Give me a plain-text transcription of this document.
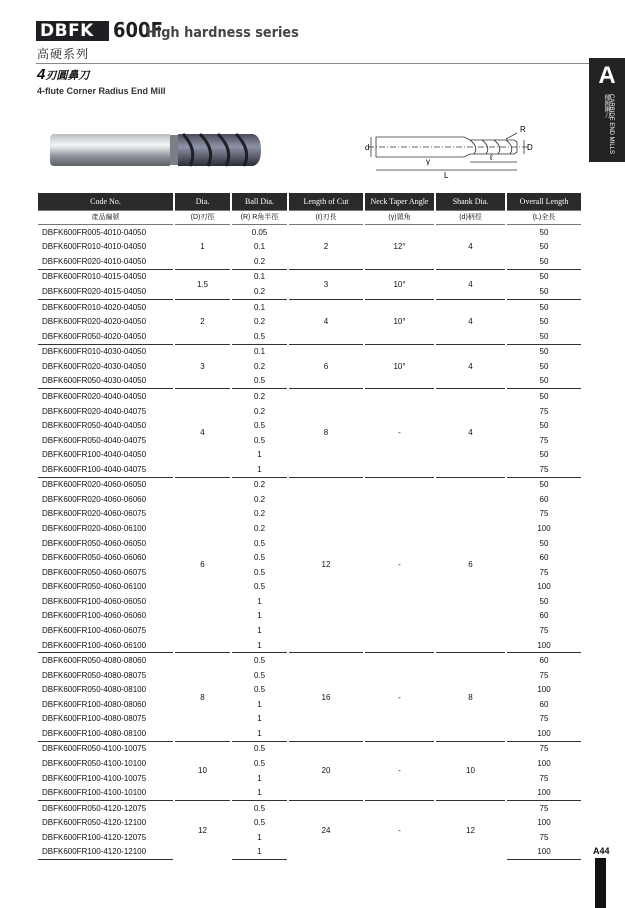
DBFK 600F
High hardness series
高硬系列
4刃圓鼻刀
4-flute Corner Radius End Mill
A
桶鎢鋼刀 CARBIDE END MILLS
d	D
R
γ	ℓ
L
Code No.	Dia.	Ball Dia.	Length of Cut	Neck Taper Angle	Shank Dia.	Overall Length
產品編號	(D)刃徑	(R) R角半徑	(ℓ)刃長	(γ)頸角	(d)柄徑	(L)全長
DBFK600FR005-4010-04050	1	0.05	2	12°	4	50
DBFK600FR010-4010-04050		0.1				50
DBFK600FR020-4010-04050		0.2				50
DBFK600FR010-4015-04050	1.5	0.1	3	10°	4	50
DBFK600FR020-4015-04050		0.2				50
DBFK600FR010-4020-04050	2	0.1	4	10°	4	50
DBFK600FR020-4020-04050		0.2				50
DBFK600FR050-4020-04050		0.5				50
DBFK600FR010-4030-04050	3	0.1	6	10°	4	50
DBFK600FR020-4030-04050		0.2				50
DBFK600FR050-4030-04050		0.5				50
DBFK600FR020-4040-04050	4	0.2	8	-	4	50
DBFK600FR020-4040-04075		0.2				75
DBFK600FR050-4040-04050		0.5				50
DBFK600FR050-4040-04075		0.5				75
DBFK600FR100-4040-04050		1				50
DBFK600FR100-4040-04075		1				75
DBFK600FR020-4060-06050	6	0.2	12	-	6	50
DBFK600FR020-4060-06060		0.2				60
DBFK600FR020-4060-06075		0.2				75
DBFK600FR020-4060-06100		0.2				100
DBFK600FR050-4060-06050		0.5				50
DBFK600FR050-4060-06060		0.5				60
DBFK600FR050-4060-06075		0.5				75
DBFK600FR050-4060-06100		0.5				100
DBFK600FR100-4060-06050		1				50
DBFK600FR100-4060-06060		1				60
DBFK600FR100-4060-06075		1				75
DBFK600FR100-4060-06100		1				100
DBFK600FR050-4080-08060	8	0.5	16	-	8	60
DBFK600FR050-4080-08075		0.5				75
DBFK600FR050-4080-08100		0.5				100
DBFK600FR100-4080-08060		1				60
DBFK600FR100-4080-08075		1				75
DBFK600FR100-4080-08100		1				100
DBFK600FR050-4100-10075	10	0.5	20	-	10	75
DBFK600FR050-4100-10100		0.5				100
DBFK600FR100-4100-10075		1				75
DBFK600FR100-4100-10100		1				100
DBFK600FR050-4120-12075	12	0.5	24	-	12	75
DBFK600FR050-4120-12100		0.5				100
DBFK600FR100-4120-12075		1				75
DBFK600FR100-4120-12100		1				100	A44
